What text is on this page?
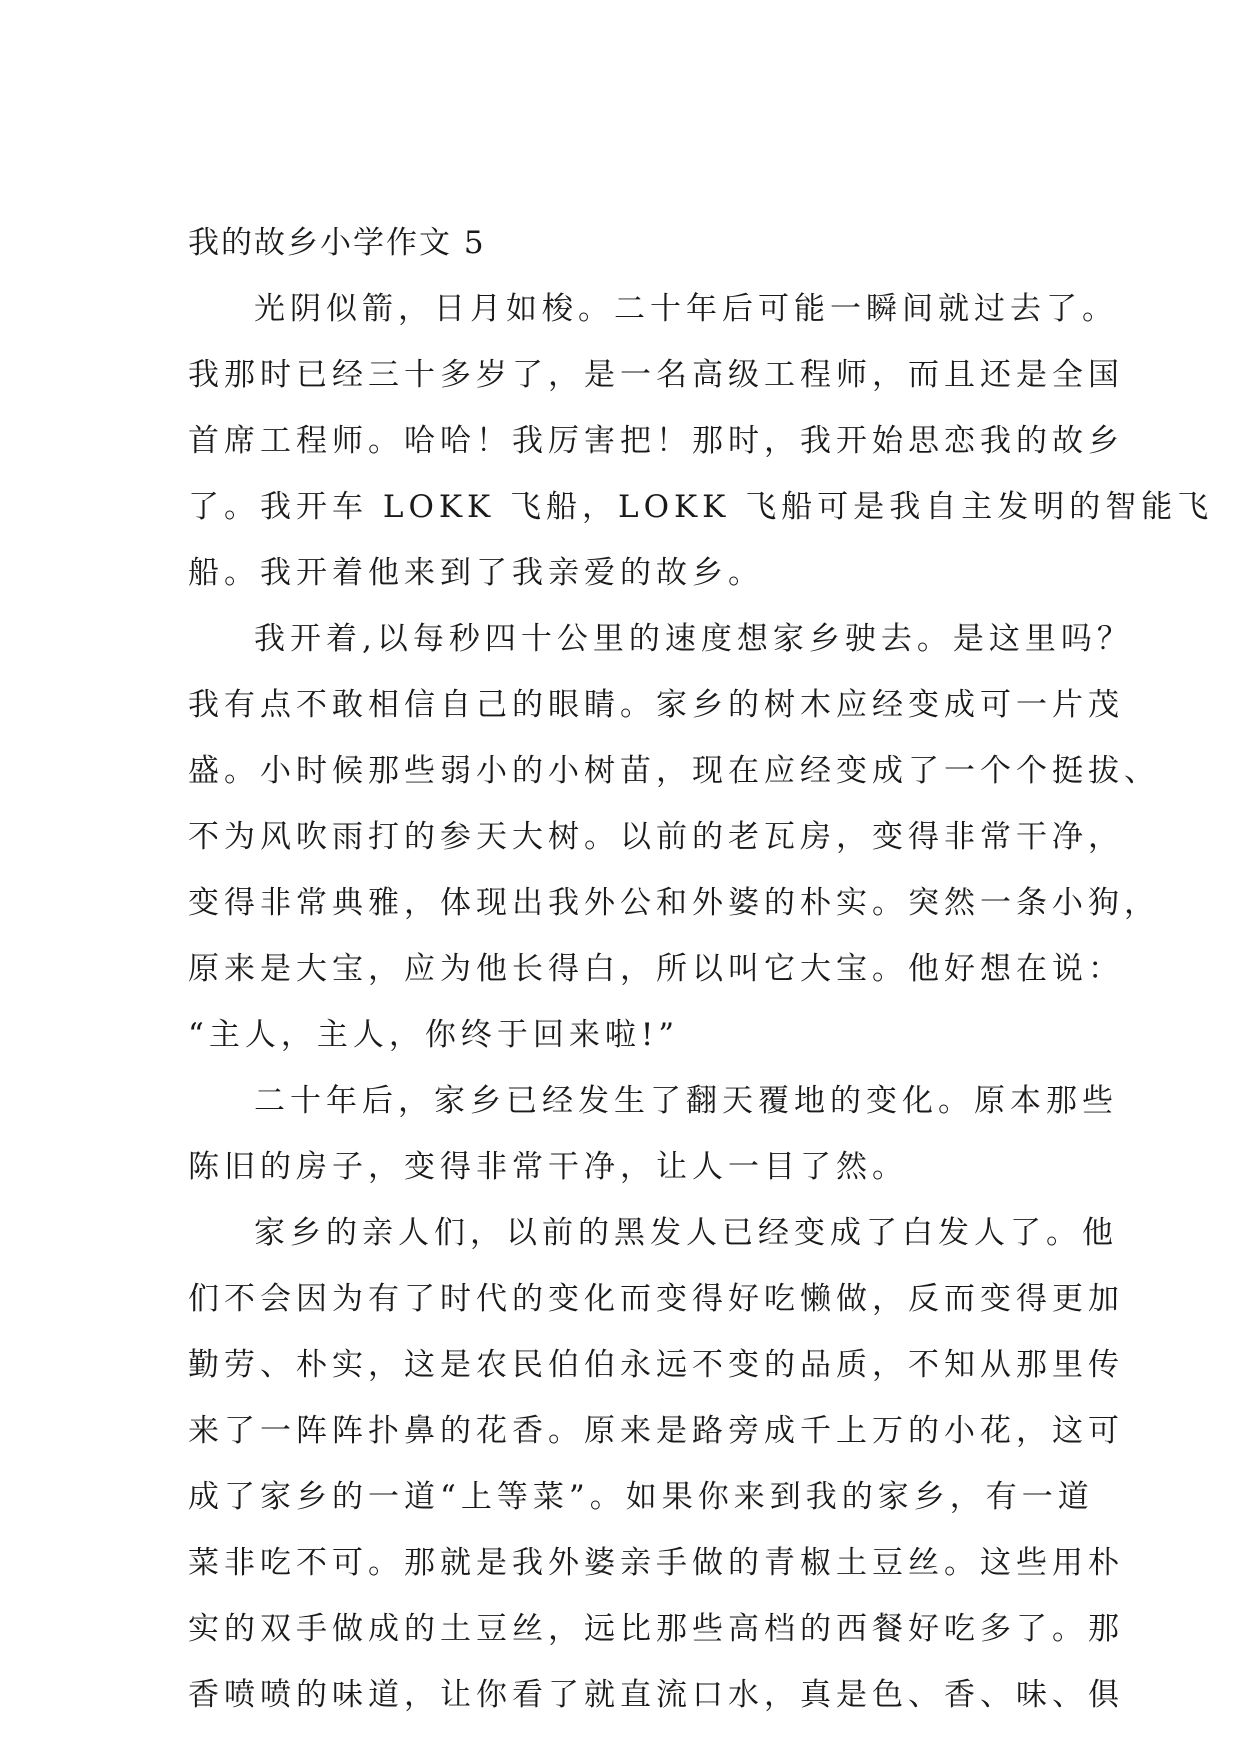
我的故乡小学作文 5
光阴似箭，日月如梭。二十年后可能一瞬间就过去了。
我那时已经三十多岁了，是一名高级工程师，而且还是全国
首席工程师。哈哈！我厉害把！那时，我开始思恋我的故乡
了。我开车 LOKK 飞船，LOKK 飞船可是我自主发明的智能飞
船。我开着他来到了我亲爱的故乡。
我开着,以每秒四十公里的速度想家乡驶去。是这里吗？
我有点不敢相信自己的眼睛。家乡的树木应经变成可一片茂
盛。小时候那些弱小的小树苗，现在应经变成了一个个挺拔、
不为风吹雨打的参天大树。以前的老瓦房，变得非常干净，
变得非常典雅，体现出我外公和外婆的朴实。突然一条小狗，
原来是大宝，应为他长得白，所以叫它大宝。他好想在说：
“主人，主人，你终于回来啦!”
二十年后，家乡已经发生了翻天覆地的变化。原本那些
陈旧的房子，变得非常干净，让人一目了然。
家乡的亲人们，以前的黑发人已经变成了白发人了。他
们不会因为有了时代的变化而变得好吃懒做，反而变得更加
勤劳、朴实，这是农民伯伯永远不变的品质，不知从那里传
来了一阵阵扑鼻的花香。原来是路旁成千上万的小花，这可
成了家乡的一道“上等菜”。如果你来到我的家乡，有一道
菜非吃不可。那就是我外婆亲手做的青椒土豆丝。这些用朴
实的双手做成的土豆丝，远比那些高档的西餐好吃多了。那
香喷喷的味道，让你看了就直流口水，真是色、香、味、俱
